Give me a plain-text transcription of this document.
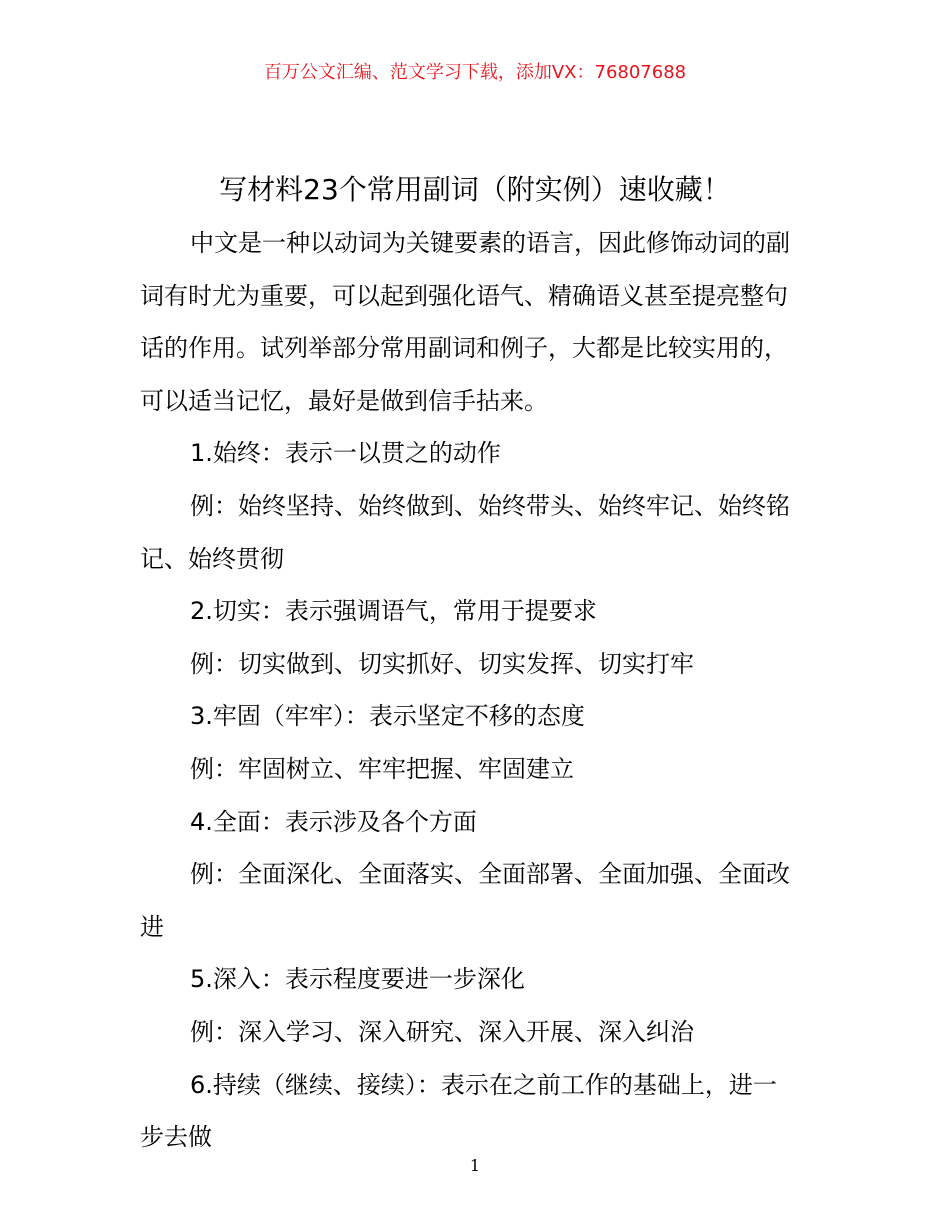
百万公文汇编、范文学习下载，添加VX：76807688
写材料23个常用副词（附实例）速收藏！
中文是一种以动词为关键要素的语言，因此修饰动词的副
词有时尤为重要，可以起到强化语气、精确语义甚至提亮整句
话的作用。试列举部分常用副词和例子，大都是比较实用的，
可以适当记忆，最好是做到信手拈来。
1.始终：表示一以贯之的动作
例：始终坚持、始终做到、始终带头、始终牢记、始终铭
记、始终贯彻
2.切实：表示强调语气，常用于提要求
例：切实做到、切实抓好、切实发挥、切实打牢
3.牢固（牢牢）：表示坚定不移的态度
例：牢固树立、牢牢把握、牢固建立
4.全面：表示涉及各个方面
例：全面深化、全面落实、全面部署、全面加强、全面改
进
5.深入：表示程度要进一步深化
例：深入学习、深入研究、深入开展、深入纠治
6.持续（继续、接续）：表示在之前工作的基础上，进一
步去做
1
